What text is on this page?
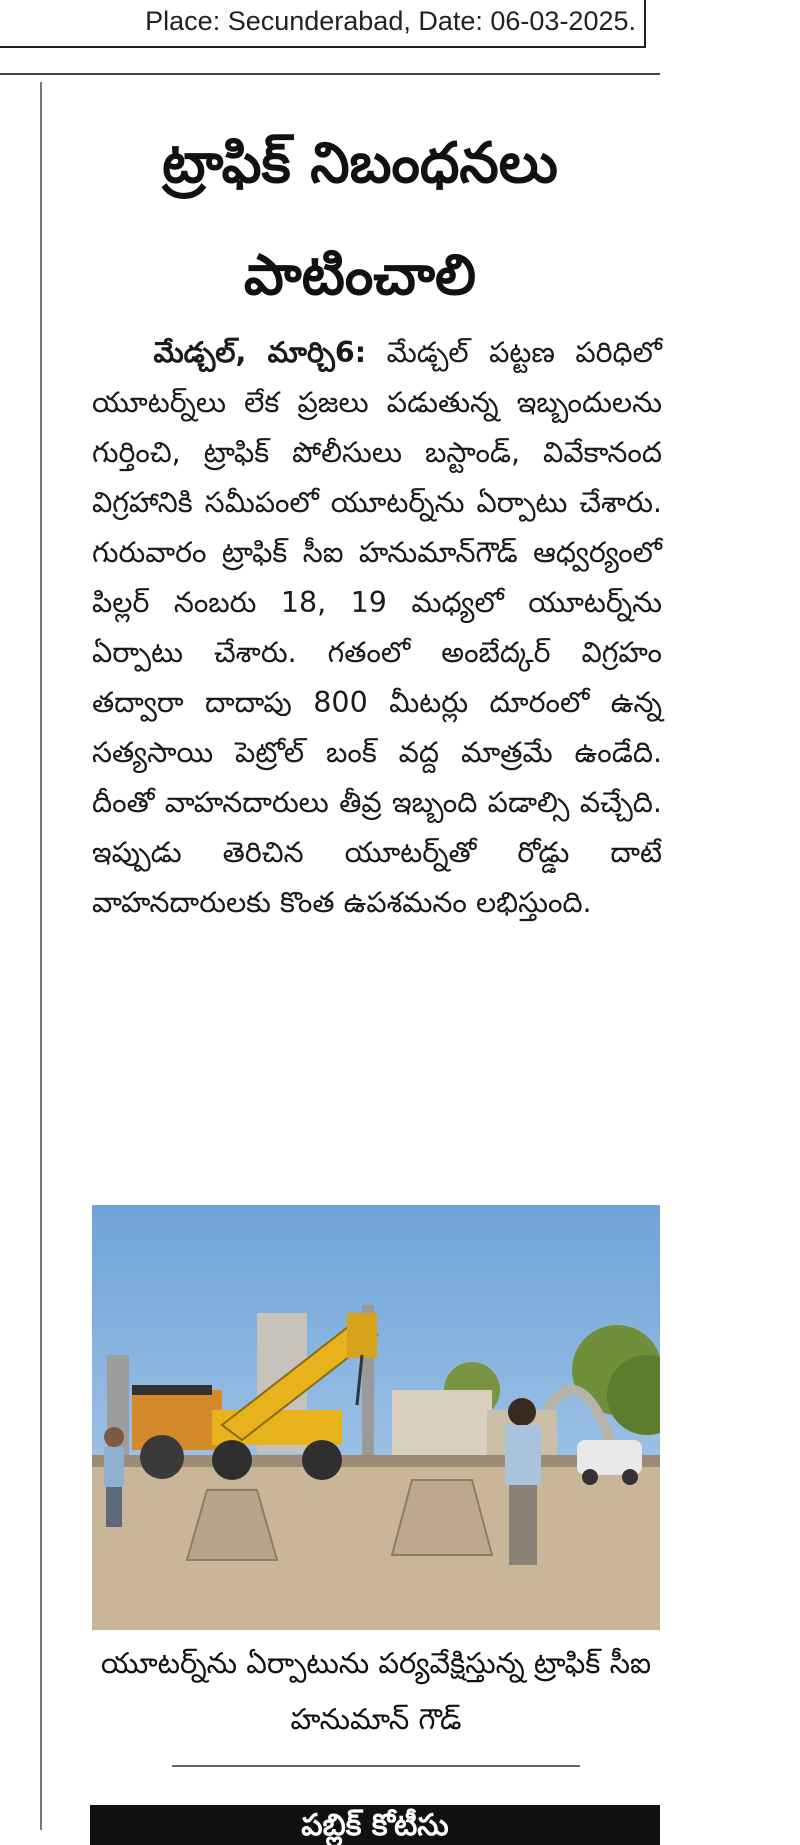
Place: Secunderabad, Date: 06-03-2025.
ట్రాఫిక్ నిబంధనలు పాటించాలి
మేడ్చల్, మార్చి6: మేడ్చల్ పట్టణ పరిధిలో యూటర్న్‌లు లేక ప్రజలు పడుతున్న ఇబ్బందులను గుర్తించి, ట్రాఫిక్ పోలీసులు బస్టాండ్, వివేకానంద విగ్రహానికి సమీపంలో యూటర్న్‌ను ఏర్పాటు చేశారు. గురువారం ట్రాఫిక్ సీఐ హనుమాన్‌గౌడ్ ఆధ్వర్యంలో పిల్లర్ నంబరు 18, 19 మధ్యలో యూటర్న్‌ను ఏర్పాటు చేశారు. గతంలో అంబేద్కర్ విగ్రహం తద్వారా దాదాపు 800 మీటర్లు దూరంలో ఉన్న సత్యసాయి పెట్రోల్ బంక్ వద్ద మాత్రమే ఉండేది. దీంతో వాహనదారులు తీవ్ర ఇబ్బంది పడాల్సి వచ్చేది. ఇప్పుడు తెరిచిన యూటర్న్‌తో రోడ్డు దాటే వాహనదారులకు కొంత ఉపశమనం లభిస్తుంది.
యూటర్న్‌ను ఏర్పాటును పర్యవేక్షిస్తున్న ట్రాఫిక్ సీఐ హనుమాన్ గౌడ్
పబ్లిక్ కోటీసు
